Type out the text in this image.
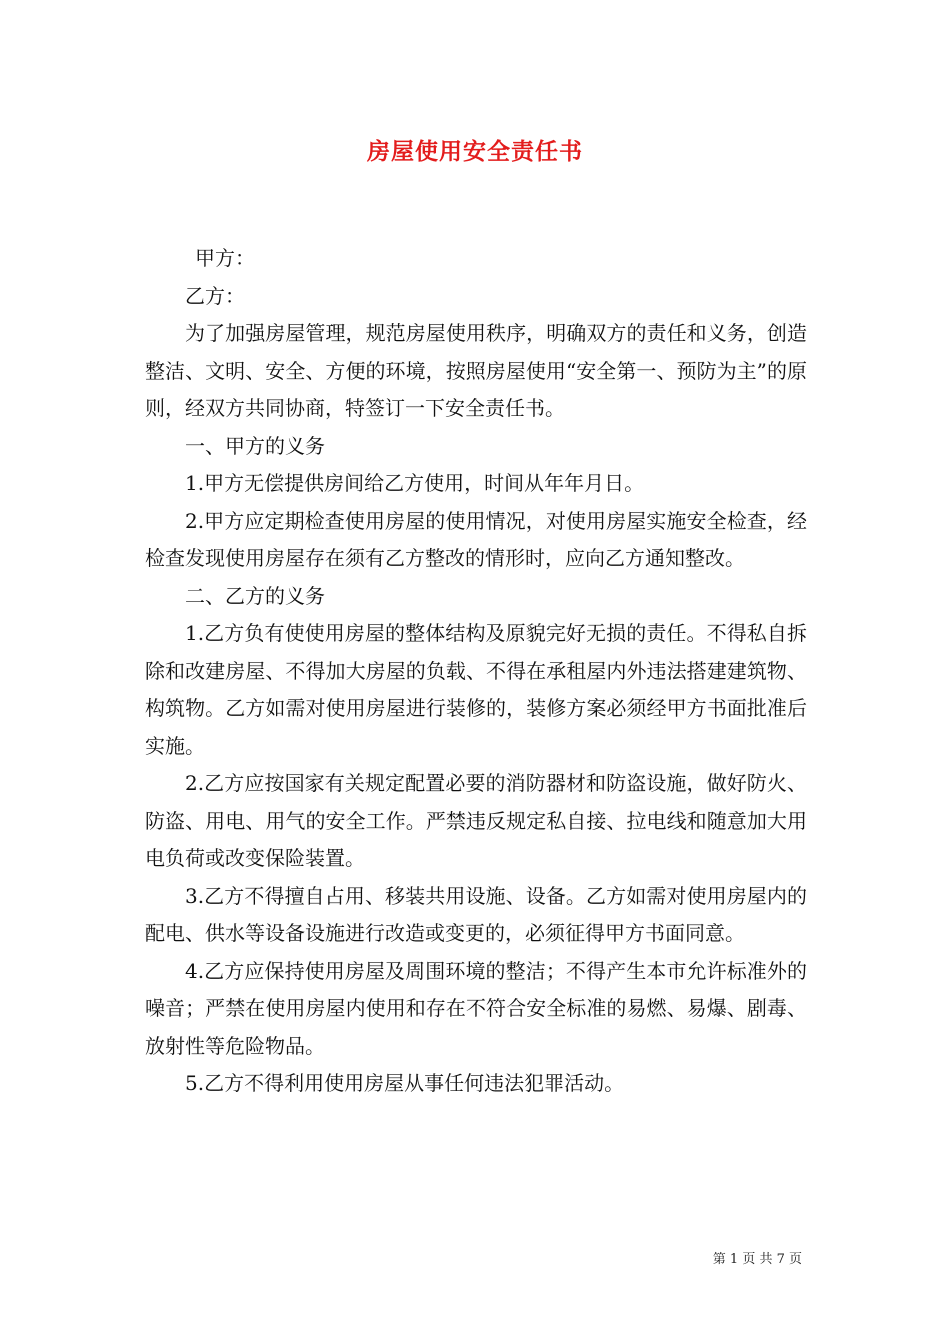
房屋使用安全责任书

甲方：

乙方：

为了加强房屋管理，规范房屋使用秩序，明确双方的责任和义务，创造整洁、文明、安全、方便的环境，按照房屋使用“安全第一、预防为主”的原则，经双方共同协商，特签订一下安全责任书。

一、甲方的义务

1.甲方无偿提供房间给乙方使用，时间从年年月日。

2.甲方应定期检查使用房屋的使用情况，对使用房屋实施安全检查，经检查发现使用房屋存在须有乙方整改的情形时，应向乙方通知整改。

二、乙方的义务

1.乙方负有使使用房屋的整体结构及原貌完好无损的责任。不得私自拆除和改建房屋、不得加大房屋的负载、不得在承租屋内外违法搭建建筑物、构筑物。乙方如需对使用房屋进行装修的，装修方案必须经甲方书面批准后实施。

2.乙方应按国家有关规定配置必要的消防器材和防盗设施，做好防火、防盗、用电、用气的安全工作。严禁违反规定私自接、拉电线和随意加大用电负荷或改变保险装置。

3.乙方不得擅自占用、移装共用设施、设备。乙方如需对使用房屋内的配电、供水等设备设施进行改造或变更的，必须征得甲方书面同意。

4.乙方应保持使用房屋及周围环境的整洁；不得产生本市允许标准外的噪音；严禁在使用房屋内使用和存在不符合安全标准的易燃、易爆、剧毒、放射性等危险物品。

5.乙方不得利用使用房屋从事任何违法犯罪活动。

第 1 页 共 7 页
